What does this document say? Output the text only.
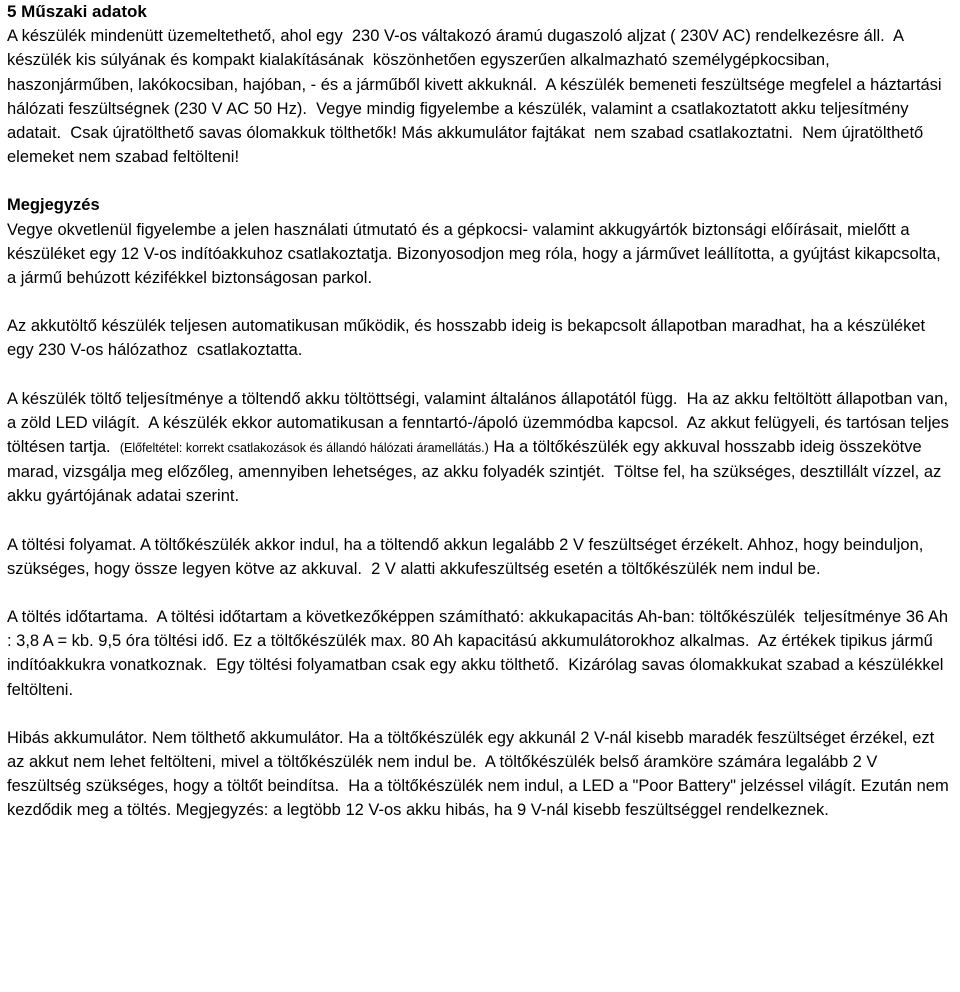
5 Műszaki adatok
A készülék mindenütt üzemeltethető, ahol egy  230 V-os váltakozó áramú dugaszoló aljzat ( 230V AC) rendelkezésre áll.  A készülék kis súlyának és kompakt kialakításának  köszönhetően egyszerűen alkalmazható személygépkocsiban, haszonjárműben, lakókocsiban, hajóban, - és a járműből kivett akkuknál.  A készülék bemeneti feszültsége megfelel a háztartási hálózati feszültségnek (230 V AC 50 Hz).  Vegye mindig figyelembe a készülék, valamint a csatlakoztatott akku teljesítmény adatait.  Csak újratölthető savas ólomakkuk tölthetők! Más akkumulátor fajtákat  nem szabad csatlakoztatni.  Nem újratölthető elemeket nem szabad feltölteni!
Megjegyzés
Vegye okvetlenül figyelembe a jelen használati útmutató és a gépkocsi- valamint akkugyártók biztonsági előírásait, mielőtt a készüléket egy 12 V-os indítóakkuhoz csatlakoztatja. Bizonyosodjon meg róla, hogy a járművet leállította, a gyújtást kikapcsolta, a jármű behúzott kézifékkel biztonságosan parkol.
Az akkutöltő készülék teljesen automatikusan működik, és hosszabb ideig is bekapcsolt állapotban maradhat, ha a készüléket egy 230 V-os hálózathoz  csatlakoztatta.
A készülék töltő teljesítménye a töltendő akku töltöttségi, valamint általános állapotától függ.  Ha az akku feltöltött állapotban van, a zöld LED világít.  A készülék ekkor automatikusan a fenntartó-/ápoló üzemmódba kapcsol.  Az akkut felügyeli, és tartósan teljes töltésen tartja.  (Előfeltétel: korrekt csatlakozások és állandó hálózati áramellátás.) Ha a töltőkészülék egy akkuval hosszabb ideig összekötve marad, vizsgálja meg előzőleg, amennyiben lehetséges, az akku folyadék szintjét.  Töltse fel, ha szükséges, desztillált vízzel, az akku gyártójának adatai szerint.
A töltési folyamat. A töltőkészülék akkor indul, ha a töltendő akkun legalább 2 V feszültséget érzékelt. Ahhoz, hogy beinduljon, szükséges, hogy össze legyen kötve az akkuval.  2 V alatti akkufeszültség esetén a töltőkészülék nem indul be.
A töltés időtartama.  A töltési időtartam a következőképpen számítható: akkukapacitás Ah-ban: töltőkészülék  teljesítménye 36 Ah : 3,8 A = kb. 9,5 óra töltési idő. Ez a töltőkészülék max. 80 Ah kapacitású akkumulátorokhoz alkalmas.  Az értékek tipikus jármű indítóakkukra vonatkoznak.  Egy töltési folyamatban csak egy akku tölthető.  Kizárólag savas ólomakkukat szabad a készülékkel feltölteni.
Hibás akkumulátor. Nem tölthető akkumulátor. Ha a töltőkészülék egy akkunál 2 V-nál kisebb maradék feszültséget érzékel, ezt az akkut nem lehet feltölteni, mivel a töltőkészülék nem indul be.  A töltőkészülék belső áramköre számára legalább 2 V feszültség szükséges, hogy a töltőt beindítsa.  Ha a töltőkészülék nem indul, a LED a "Poor Battery" jelzéssel világít. Ezután nem kezdődik meg a töltés. Megjegyzés: a legtöbb 12 V-os akku hibás, ha 9 V-nál kisebb feszültséggel rendelkeznek.
